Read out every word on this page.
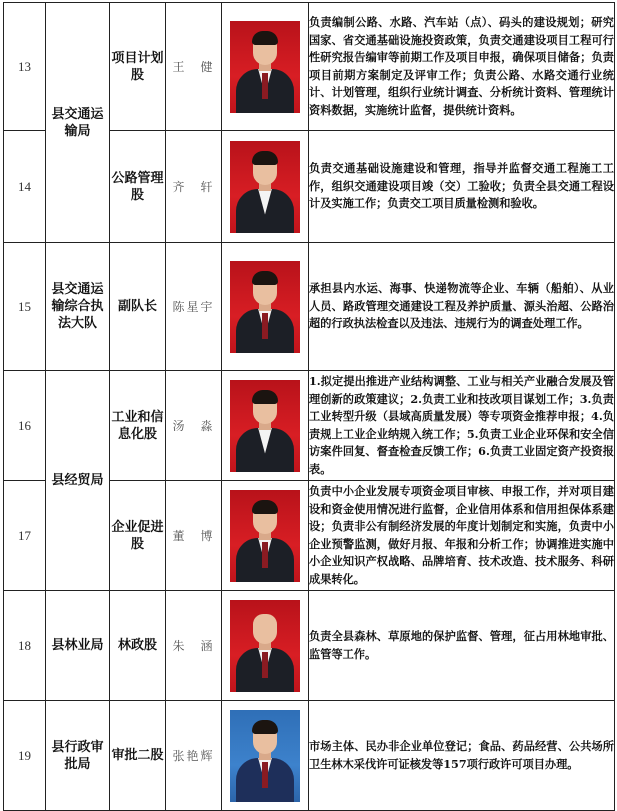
13	县交通运输局	项目计划股	王　健		负责编制公路、水路、汽车站（点）、码头的建设规划；研究国家、省交通基础设施投资政策，负责交通建设项目工程可行性研究报告编审等前期工作及项目申报，确保项目储备；负责项目前期方案制定及评审工作；负责公路、水路交通行业统计、计划管理，组织行业统计调查、分析统计资料、管理统计资料数据，实施统计监督，提供统计资料。
14		公路管理股	齐　轩		负责交通基础设施建设和管理，指导并监督交通工程施工工作，组织交通建设项目竣（交）工验收；负责全县交通工程设计及实施工作；负责交工项目质量检测和验收。
15	县交通运输综合执法大队	副队长	陈星宇		承担县内水运、海事、快递物流等企业、车辆（船舶）、从业人员、路政管理交通建设工程及养护质量、源头治超、公路治超的行政执法检查以及违法、违规行为的调查处理工作。
16	县经贸局	工业和信息化股	汤　淼		1.拟定提出推进产业结构调整、工业与相关产业融合发展及管理创新的政策建议；2.负责工业和技改项目谋划工作；3.负责工业转型升级（县域高质量发展）等专项资金推荐申报；4.负责规上工业企业纳规入统工作；5.负责工业企业环保和安全信访案件回复、督查检查反馈工作；6.负责工业固定资产投资报表。
17		企业促进股	董　博		负责中小企业发展专项资金项目审核、申报工作，并对项目建设和资金使用情况进行监督，企业信用体系和信用担保体系建设；负责非公有制经济发展的年度计划制定和实施，负责中小企业预警监测，做好月报、年报和分析工作；协调推进实施中小企业知识产权战略、品牌培育、技术改造、技术服务、科研成果转化。
18	县林业局	林政股	朱　涵		负责全县森林、草原地的保护监督、管理，征占用林地审批、监管等工作。
19	县行政审批局	审批二股	张艳辉		市场主体、民办非企业单位登记；食品、药品经营、公共场所卫生林木采伐许可证核发等157项行政许可项目办理。
